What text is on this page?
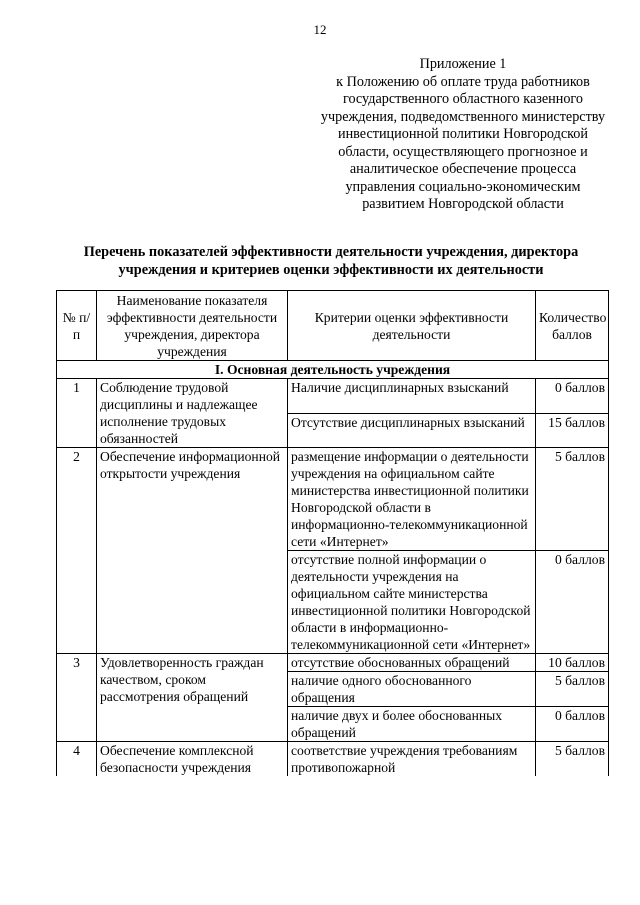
12
Приложение 1
к Положению об оплате труда работников государственного областного казенного учреждения, подведомственного министерству инвестиционной политики Новгородской области, осуществляющего прогнозное и аналитическое обеспечение процесса управления социально-экономическим развитием Новгородской области
Перечень показателей эффективности деятельности учреждения, директора учреждения и критериев оценки эффективности их деятельности
№ п/п	Наименование показателя эффективности деятельности учреждения, директора учреждения	Критерии оценки эффективности деятельности	Количество баллов
I. Основная деятельность учреждения			
1	Соблюдение трудовой дисциплины и надлежащее исполнение трудовых обязанностей	Наличие дисциплинарных взысканий	0 баллов
		Отсутствие дисциплинарных взысканий	15 баллов
2	Обеспечение информационной открытости учреждения	размещение информации о деятельности учреждения на официальном сайте министерства инвестиционной политики Новгородской области в информационно-телекоммуникационной сети «Интернет»	5 баллов
		отсутствие полной информации о деятельности учреждения на официальном сайте министерства инвестиционной политики Новгородской области в информационно-телекоммуникационной сети «Интернет»	0 баллов
3	Удовлетворенность граждан качеством, сроком рассмотрения обращений	отсутствие обоснованных обращений	10 баллов
		наличие одного обоснованного обращения	5 баллов
		наличие двух и более обоснованных обращений	0 баллов
4	Обеспечение комплексной безопасности учреждения	соответствие учреждения требованиям противопожарной	5 баллов
